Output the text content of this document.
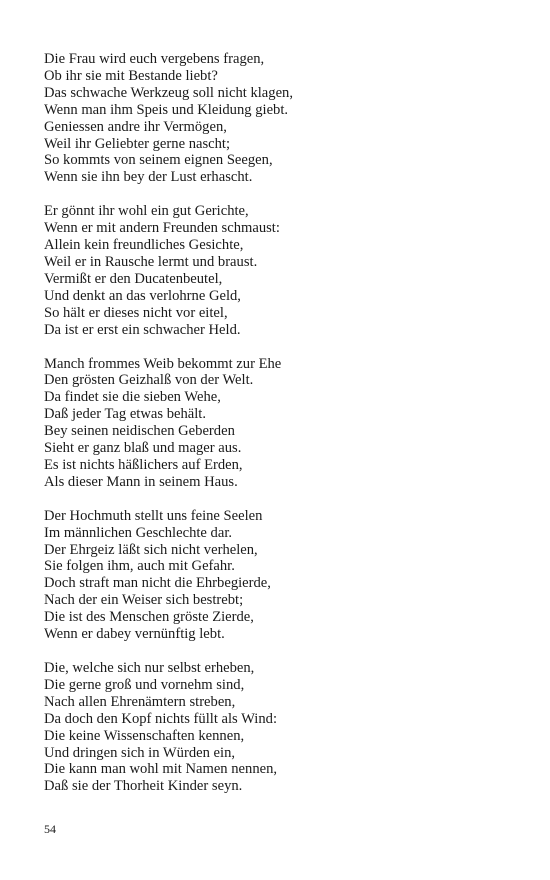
Die Frau wird euch vergebens fragen,
Ob ihr sie mit Bestande liebt?
Das schwache Werkzeug soll nicht klagen,
Wenn man ihm Speis und Kleidung giebt.
Geniessen andre ihr Vermögen,
Weil ihr Geliebter gerne nascht;
So kommts von seinem eignen Seegen,
Wenn sie ihn bey der Lust erhascht.
Er gönnt ihr wohl ein gut Gerichte,
Wenn er mit andern Freunden schmaust:
Allein kein freundliches Gesichte,
Weil er in Rausche lermt und braust.
Vermißt er den Ducatenbeutel,
Und denkt an das verlohrne Geld,
So hält er dieses nicht vor eitel,
Da ist er erst ein schwacher Held.
Manch frommes Weib bekommt zur Ehe
Den grösten Geizhalß von der Welt.
Da findet sie die sieben Wehe,
Daß jeder Tag etwas behält.
Bey seinen neidischen Geberden
Sieht er ganz blaß und mager aus.
Es ist nichts häßlichers auf Erden,
Als dieser Mann in seinem Haus.
Der Hochmuth stellt uns feine Seelen
Im männlichen Geschlechte dar.
Der Ehrgeiz läßt sich nicht verhelen,
Sie folgen ihm, auch mit Gefahr.
Doch straft man nicht die Ehrbegierde,
Nach der ein Weiser sich bestrebt;
Die ist des Menschen gröste Zierde,
Wenn er dabey vernünftig lebt.
Die, welche sich nur selbst erheben,
Die gerne groß und vornehm sind,
Nach allen Ehrenämtern streben,
Da doch den Kopf nichts füllt als Wind:
Die keine Wissenschaften kennen,
Und dringen sich in Würden ein,
Die kann man wohl mit Namen nennen,
Daß sie der Thorheit Kinder seyn.
54
